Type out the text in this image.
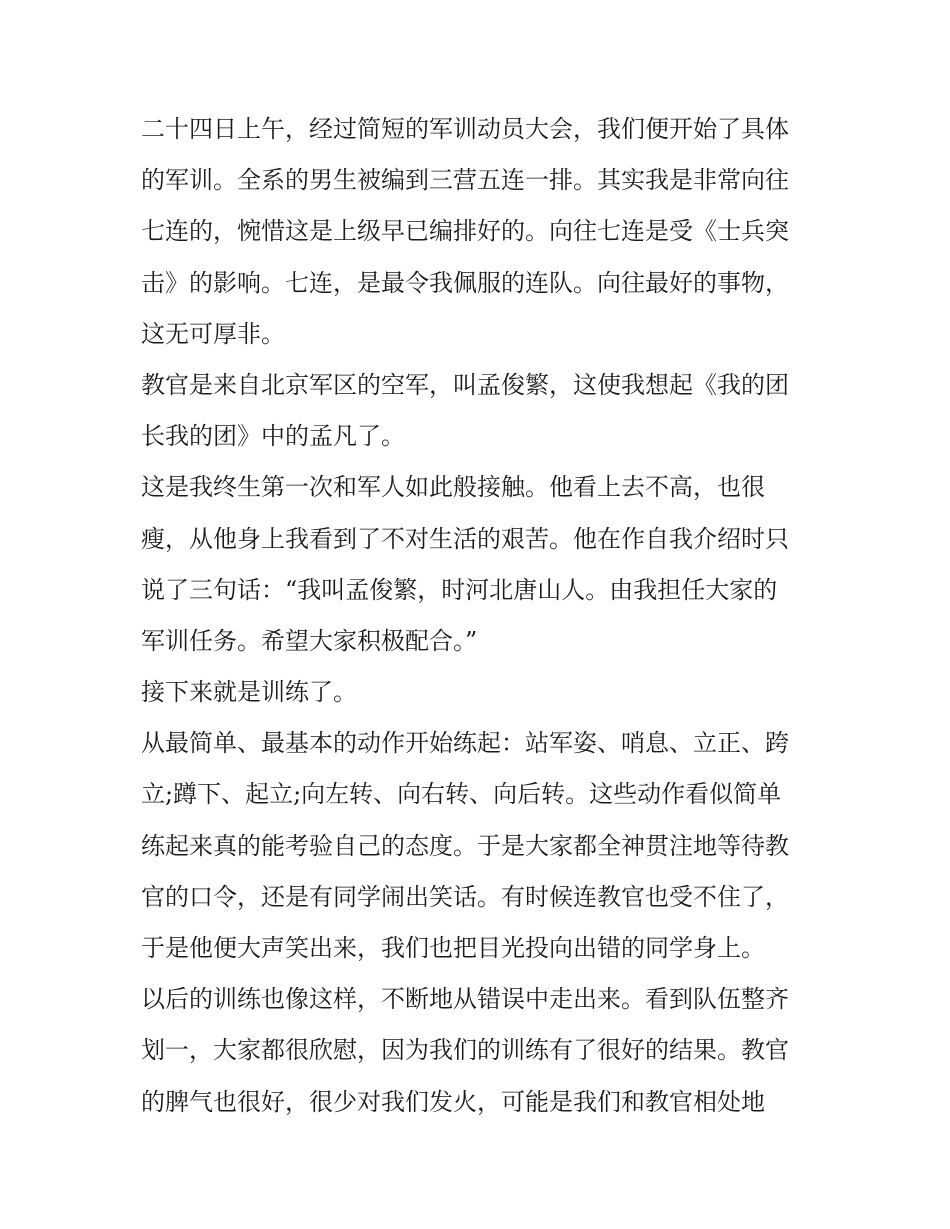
二十四日上午，经过简短的军训动员大会，我们便开始了具体
的军训。全系的男生被编到三营五连一排。其实我是非常向往
七连的，惋惜这是上级早已编排好的。向往七连是受《士兵突
击》的影响。七连，是最令我佩服的连队。向往最好的事物，
这无可厚非。

教官是来自北京军区的空军，叫孟俊繁，这使我想起《我的团
长我的团》中的孟凡了。

这是我终生第一次和军人如此般接触。他看上去不高，也很
瘦，从他身上我看到了不对生活的艰苦。他在作自我介绍时只
说了三句话：“我叫孟俊繁，时河北唐山人。由我担任大家的
军训任务。希望大家积极配合。”

接下来就是训练了。

从最简单、最基本的动作开始练起：站军姿、哨息、立正、跨
立;蹲下、起立;向左转、向右转、向后转。这些动作看似简单
练起来真的能考验自己的态度。于是大家都全神贯注地等待教
官的口令，还是有同学闹出笑话。有时候连教官也受不住了，
于是他便大声笑出来，我们也把目光投向出错的同学身上。

以后的训练也像这样，不断地从错误中走出来。看到队伍整齐
划一，大家都很欣慰，因为我们的训练有了很好的结果。教官
的脾气也很好，很少对我们发火，可能是我们和教官相处地
